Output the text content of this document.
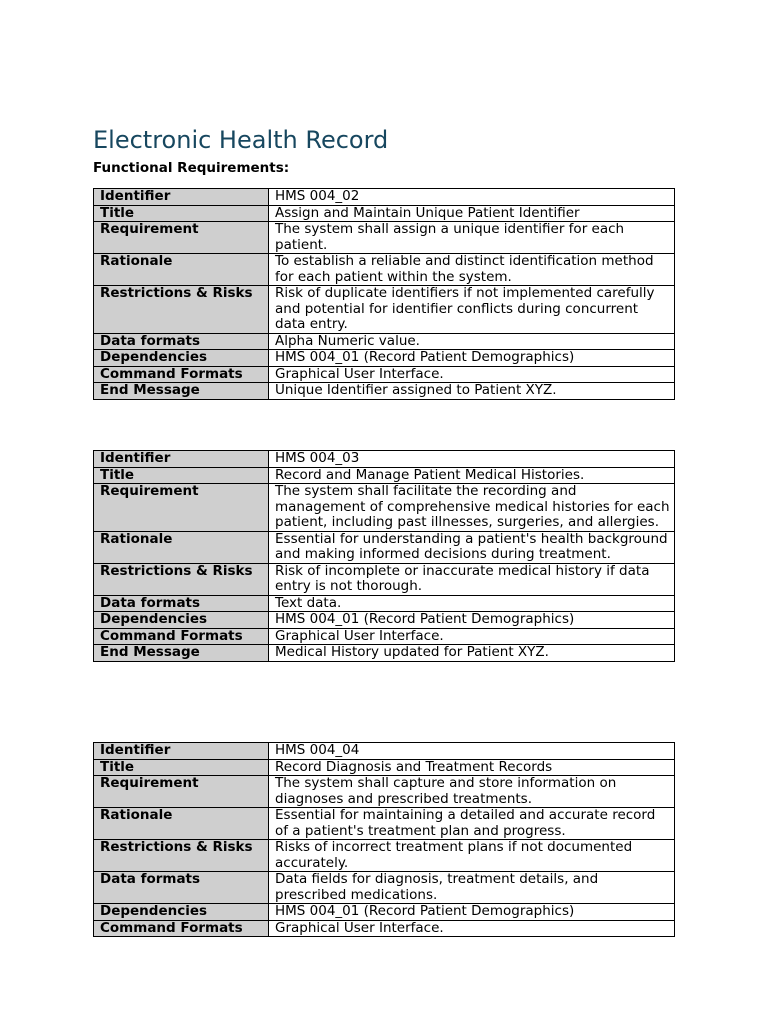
Electronic Health Record

Functional Requirements:

Identifier	HMS 004_02
Title	Assign and Maintain Unique Patient Identifier
Requirement	The system shall assign a unique identifier for each patient.
Rationale	To establish a reliable and distinct identification method for each patient within the system.
Restrictions & Risks	Risk of duplicate identifiers if not implemented carefully and potential for identifier conflicts during concurrent data entry.
Data formats	Alpha Numeric value.
Dependencies	HMS 004_01 (Record Patient Demographics)
Command Formats	Graphical User Interface.
End Message	Unique Identifier assigned to Patient XYZ.
Identifier	HMS 004_03
Title	Record and Manage Patient Medical Histories.
Requirement	The system shall facilitate the recording and management of comprehensive medical histories for each patient, including past illnesses, surgeries, and allergies.
Rationale	Essential for understanding a patient's health background and making informed decisions during treatment.
Restrictions & Risks	Risk of incomplete or inaccurate medical history if data entry is not thorough.
Data formats	Text data.
Dependencies	HMS 004_01 (Record Patient Demographics)
Command Formats	Graphical User Interface.
End Message	Medical History updated for Patient XYZ.
Identifier	HMS 004_04
Title	Record Diagnosis and Treatment Records
Requirement	The system shall capture and store information on diagnoses and prescribed treatments.
Rationale	Essential for maintaining a detailed and accurate record of a patient's treatment plan and progress.
Restrictions & Risks	Risks of incorrect treatment plans if not documented accurately.
Data formats	Data fields for diagnosis, treatment details, and prescribed medications.
Dependencies	HMS 004_01 (Record Patient Demographics)
Command Formats	Graphical User Interface.
